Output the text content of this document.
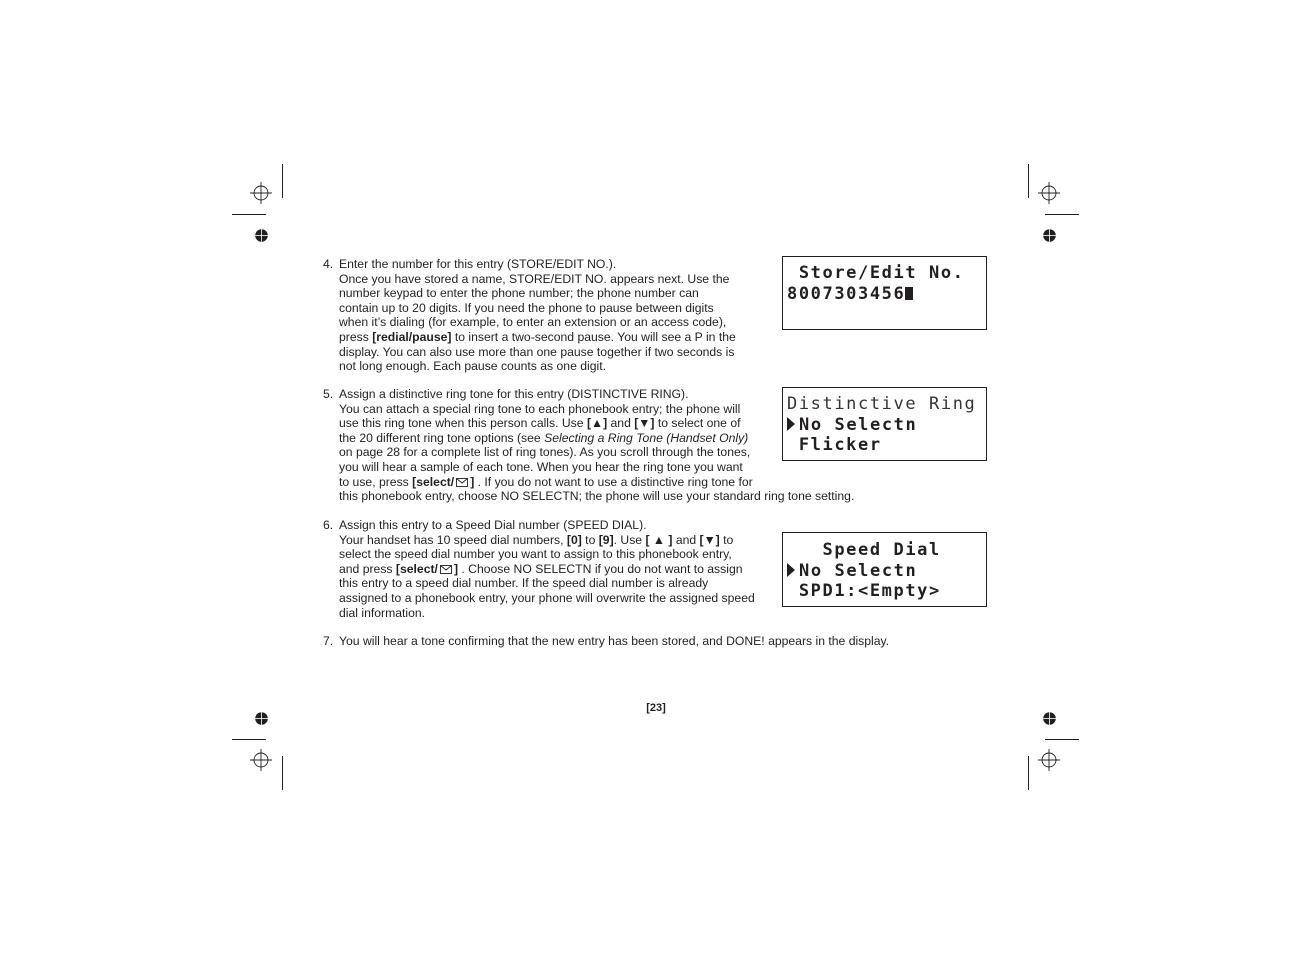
4. Enter the number for this entry (STORE/EDIT NO.).

Once you have stored a name, STORE/EDIT NO. appears next. Use the number keypad to enter the phone number; the phone number can contain up to 20 digits. If you need the phone to pause between digits when it’s dialing (for example, to enter an extension or an access code), press [redial/pause] to insert a two-second pause. You will see a P in the display. You can also use more than one pause together if two seconds is not long enough. Each pause counts as one digit.

Store/Edit No.
8007303456
5. Assign a distinctive ring tone for this entry (DISTINCTIVE RING).

You can attach a special ring tone to each phonebook entry; the phone will use this ring tone when this person calls. Use [▲] and [▼] to select one of the 20 different ring tone options (see Selecting a Ring Tone (Handset Only) on page 28 for a complete list of ring tones). As you scroll through the tones, you will hear a sample of each tone. When you hear the ring tone you want to use, press [select/ ] . If you do not want to use a distinctive ring tone for this phonebook entry, choose NO SELECTN; the phone will use your standard ring tone setting.

Distinctive Ring
No Selectn
Flicker
6. Assign this entry to a Speed Dial number (SPEED DIAL).

Your handset has 10 speed dial numbers, [0] to [9]. Use [ ▲ ] and [▼] to select the speed dial number you want to assign to this phonebook entry, and press [select/ ] . Choose NO SELECTN if you do not want to assign this entry to a speed dial number. If the speed dial number is already assigned to a phonebook entry, your phone will overwrite the assigned speed dial information.

Speed Dial
No Selectn
SPD1:<Empty>
7. You will hear a tone confirming that the new entry has been stored, and DONE! appears in the display.

[23]
